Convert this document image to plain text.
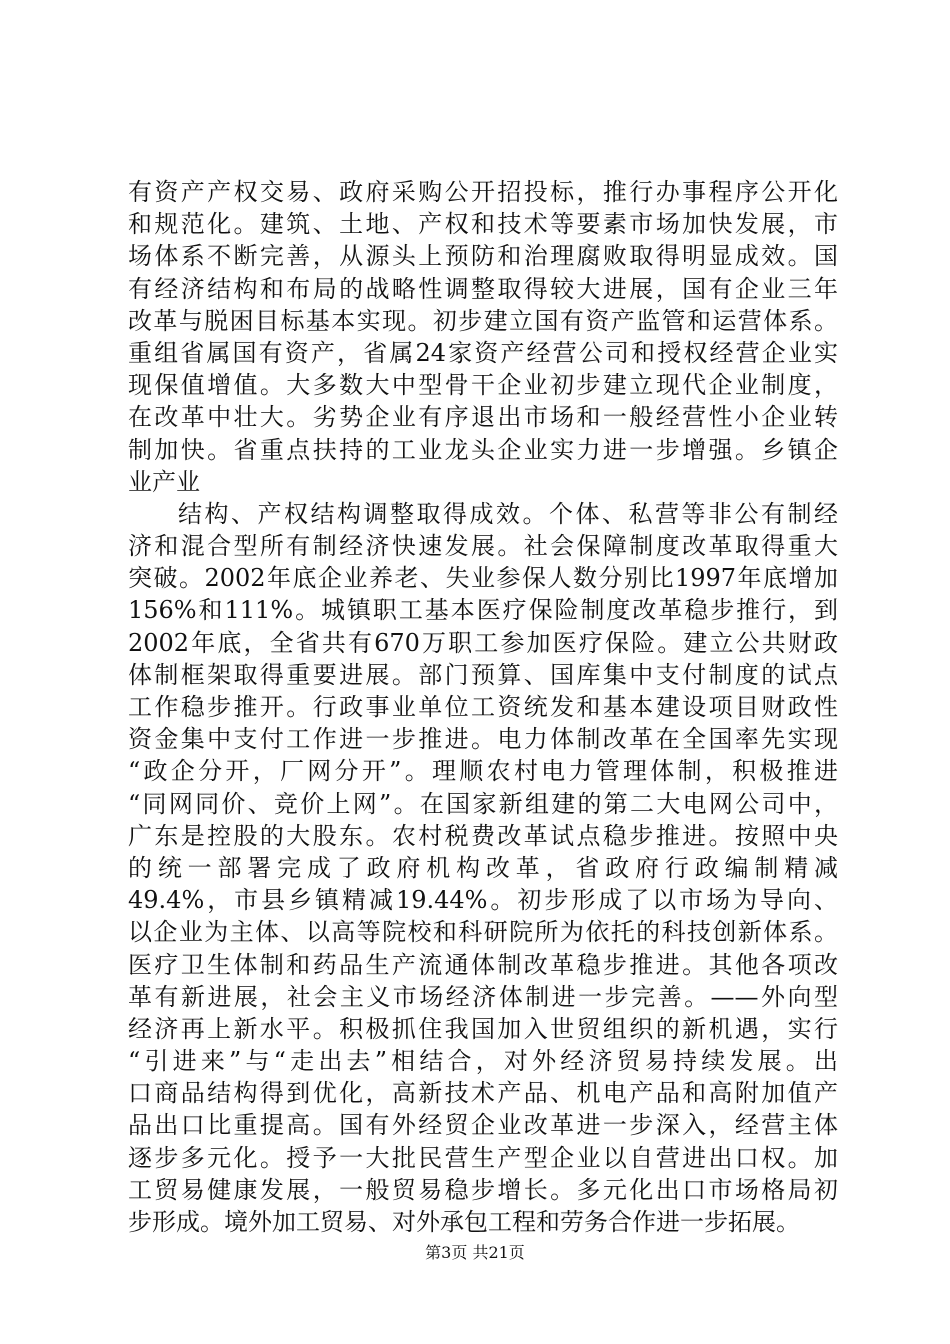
有资产产权交易、政府采购公开招投标，推行办事程序公开化
和规范化。建筑、土地、产权和技术等要素市场加快发展，市
场体系不断完善，从源头上预防和治理腐败取得明显成效。国
有经济结构和布局的战略性调整取得较大进展，国有企业三年
改革与脱困目标基本实现。初步建立国有资产监管和运营体系。
重组省属国有资产，省属24家资产经营公司和授权经营企业实
现保值增值。大多数大中型骨干企业初步建立现代企业制度，
在改革中壮大。劣势企业有序退出市场和一般经营性小企业转
制加快。省重点扶持的工业龙头企业实力进一步增强。乡镇企
业产业
结构、产权结构调整取得成效。个体、私营等非公有制经
济和混合型所有制经济快速发展。社会保障制度改革取得重大
突破。2002年底企业养老、失业参保人数分别比1997年底增加
156%和111%。城镇职工基本医疗保险制度改革稳步推行，到
2002年底，全省共有670万职工参加医疗保险。建立公共财政
体制框架取得重要进展。部门预算、国库集中支付制度的试点
工作稳步推开。行政事业单位工资统发和基本建设项目财政性
资金集中支付工作进一步推进。电力体制改革在全国率先实现
“政企分开，厂网分开”。理顺农村电力管理体制，积极推进
“同网同价、竞价上网”。在国家新组建的第二大电网公司中，
广东是控股的大股东。农村税费改革试点稳步推进。按照中央
的统一部署完成了政府机构改革，省政府行政编制精减
49.4%，市县乡镇精减19.44%。初步形成了以市场为导向、
以企业为主体、以高等院校和科研院所为依托的科技创新体系。
医疗卫生体制和药品生产流通体制改革稳步推进。其他各项改
革有新进展，社会主义市场经济体制进一步完善。——外向型
经济再上新水平。积极抓住我国加入世贸组织的新机遇，实行
“引进来”与“走出去”相结合，对外经济贸易持续发展。出
口商品结构得到优化，高新技术产品、机电产品和高附加值产
品出口比重提高。国有外经贸企业改革进一步深入，经营主体
逐步多元化。授予一大批民营生产型企业以自营进出口权。加
工贸易健康发展，一般贸易稳步增长。多元化出口市场格局初
步形成。境外加工贸易、对外承包工程和劳务合作进一步拓展。
第3页 共21页
